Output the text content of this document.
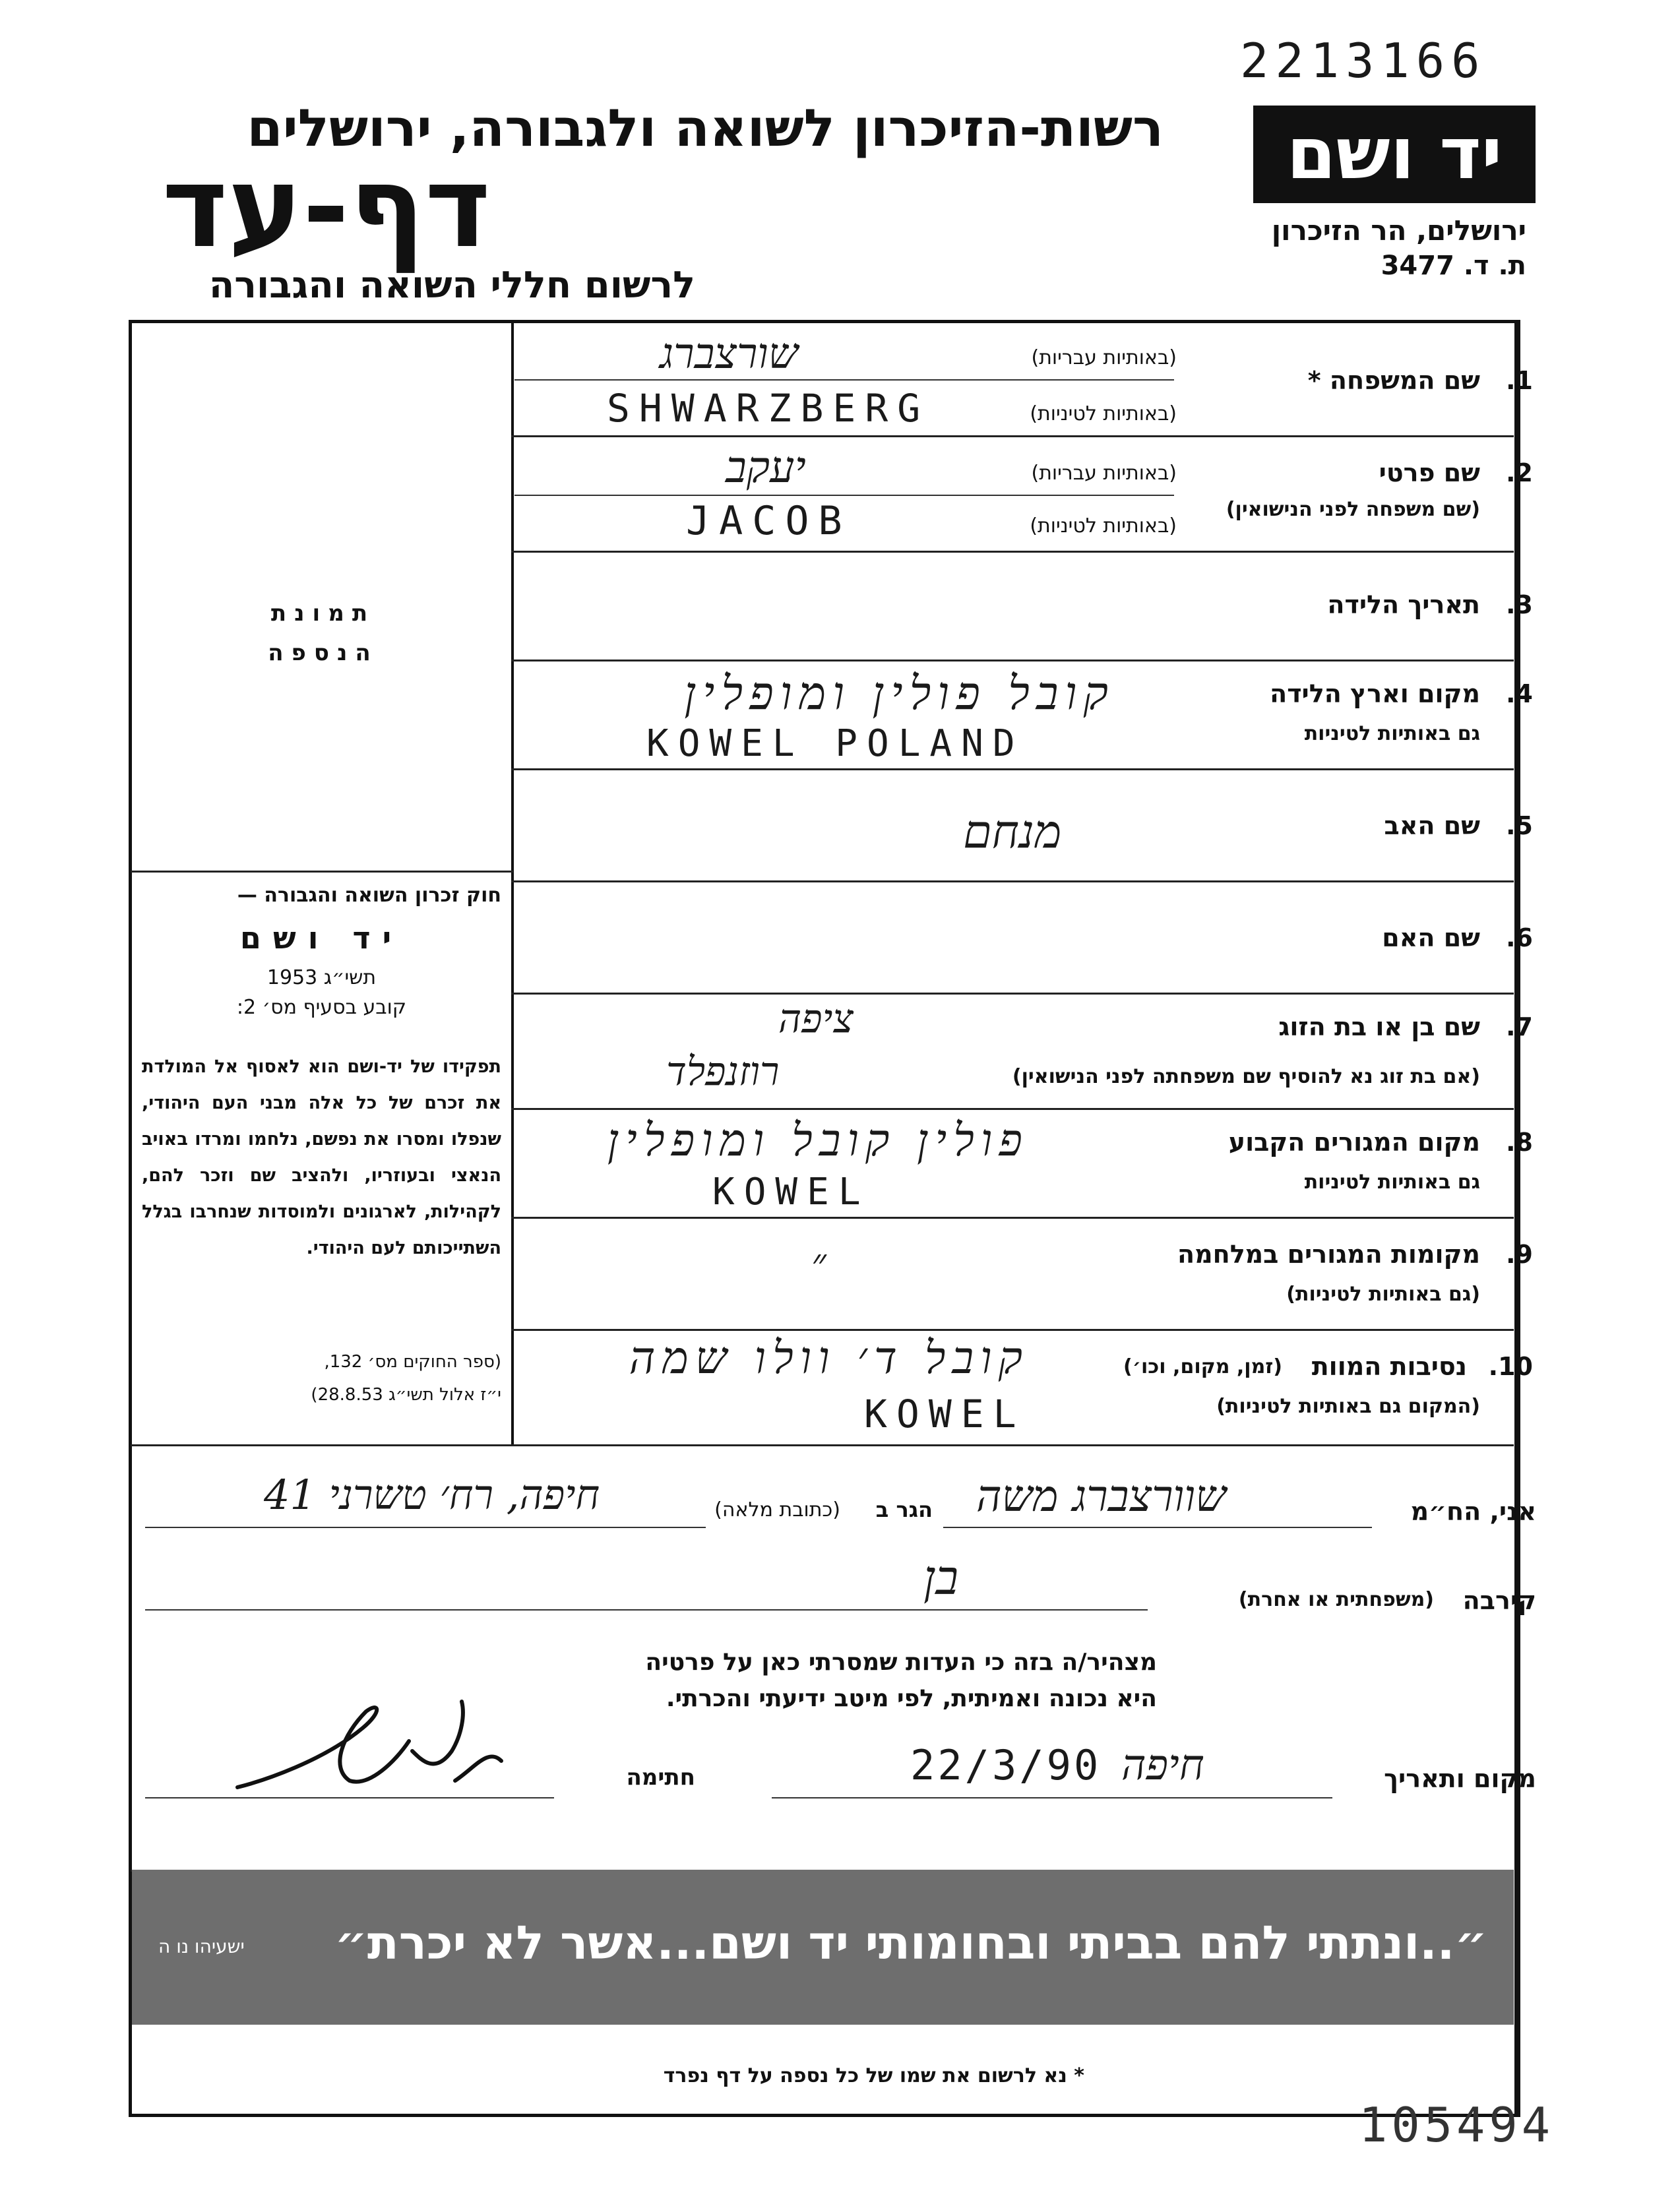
2213166
רשות-הזיכרון לשואה ולגבורה, ירושלים
דף-עד
לרשום חללי השואה והגבורה
יד ושם
ירושלים, הר הזיכרון
ת. ד. 3477
תמונת
הנספה
חוק זכרון השואה והגבורה —
יד ושם
תשי״ג 1953
קובע בסעיף מס׳ 2:
תפקידו של יד-ושם הוא לאסוף אל המולדת את זכרם של כל אלה מבני העם היהודי, שנפלו ומסרו את נפשם, נלחמו ומרדו באויב הנאצי ובעוזריו, ולהציב שם וזכר להם, לקהילות, לארגונים ולמוסדות שנחרבו בגלל השתייכותם לעם היהודי.
(ספר החוקים מס׳ 132,
י״ז אלול תשי״ג 28.8.53)
1.
שם המשפחה *
(באותיות עבריות)
(באותיות לטיניות)
שורצברג
SHWARZBERG
2.
שם פרטי
(שם משפחה לפני הנישואין)
(באותיות עבריות)
(באותיות לטיניות)
יעקב
JACOB
3.
תאריך הלידה
4.
מקום וארץ הלידה
גם באותיות לטיניות
קובל פולין ומופלין
KOWEL POLAND
5.
שם האב
מנחם
6.
שם האם
7.
שם בן או בת הזוג
(אם בת זוג נא להוסיף שם משפחתה לפני הנישואין)
ציפה
רוזנפלד
8.
מקום המגורים הקבוע
גם באותיות לטיניות
פולין קובל ומופלין
KOWEL
9.
מקומות המגורים במלחמה
(גם באותיות לטיניות)
״
10.
נסיבות המוות
(זמן, מקום, וכו׳)
(המקום גם באותיות לטיניות)
קובל ד׳ וולו שמה
KOWEL
אני, הח״מ
שוורצברג משה
הגר ב
(כתובת מלאה)
חיפה, רח׳ טשרני 41
קירבה
(משפחתית או אחרת)
בן
מצהיר/ה בזה כי העדות שמסרתי כאן על פרטיה
היא נכונה ואמיתית, לפי מיטב ידיעתי והכרתי.
מקום ותאריך
חיפה
22/3/90
חתימה
״..ונתתי להם בביתי ובחומותי יד ושם...אשר לא יכרת״
ישעיהו נו ה
* נא לרשום את שמו של כל נספה על דף נפרד
105494
